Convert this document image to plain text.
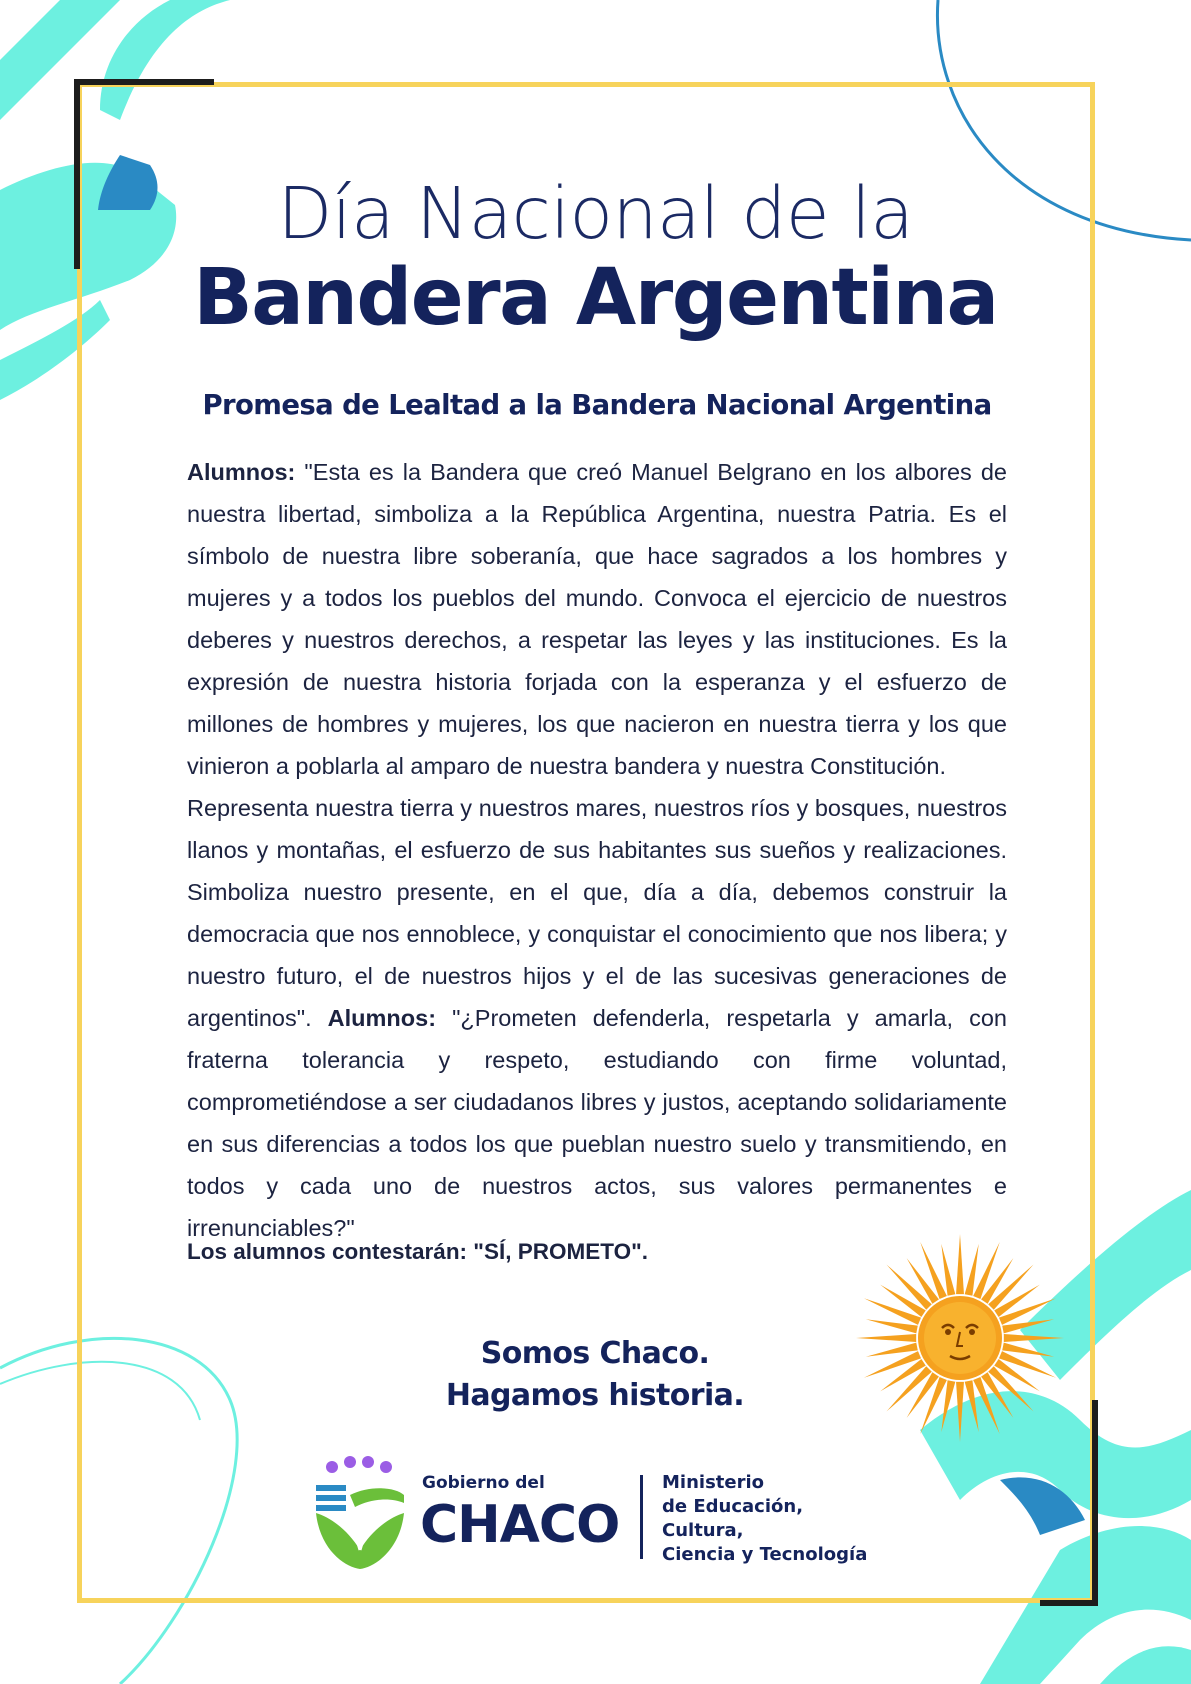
Día Nacional de la
Bandera Argentina
Promesa de Lealtad a la Bandera Nacional Argentina

Alumnos: "Esta es la Bandera que creó Manuel Belgrano en los albores de nuestra libertad, simboliza a la República Argentina, nuestra Patria. Es el símbolo de nuestra libre soberanía, que hace sagrados a los hombres y mujeres y a todos los pueblos del mundo. Convoca el ejercicio de nuestros deberes y nuestros derechos, a respetar las leyes y las instituciones. Es la expresión de nuestra historia forjada con la esperanza y el esfuerzo de millones de hombres y mujeres, los que nacieron en nuestra tierra y los que vinieron a poblarla al amparo de nuestra bandera y nuestra Constitución.

Representa nuestra tierra y nuestros mares, nuestros ríos y bosques, nuestros llanos y montañas, el esfuerzo de sus habitantes sus sueños y realizaciones. Simboliza nuestro presente, en el que, día a día, debemos construir la democracia que nos ennoblece, y conquistar el conocimiento que nos libera; y nuestro futuro, el de nuestros hijos y el de las sucesivas generaciones de argentinos". Alumnos: "¿Prometen defenderla, respetarla y amarla, con fraterna tolerancia y respeto, estudiando con firme voluntad, comprometiéndose a ser ciudadanos libres y justos, aceptando solidariamente en sus diferencias a todos los que pueblan nuestro suelo y transmitiendo, en todos y cada uno de nuestros actos, sus valores permanentes e irrenunciables?"

Los alumnos contestarán: "SÍ, PROMETO".
Somos Chaco.
Hagamos historia.
Gobierno del
CHACO
Ministerio
de Educación, Cultura,
Ciencia y Tecnología
